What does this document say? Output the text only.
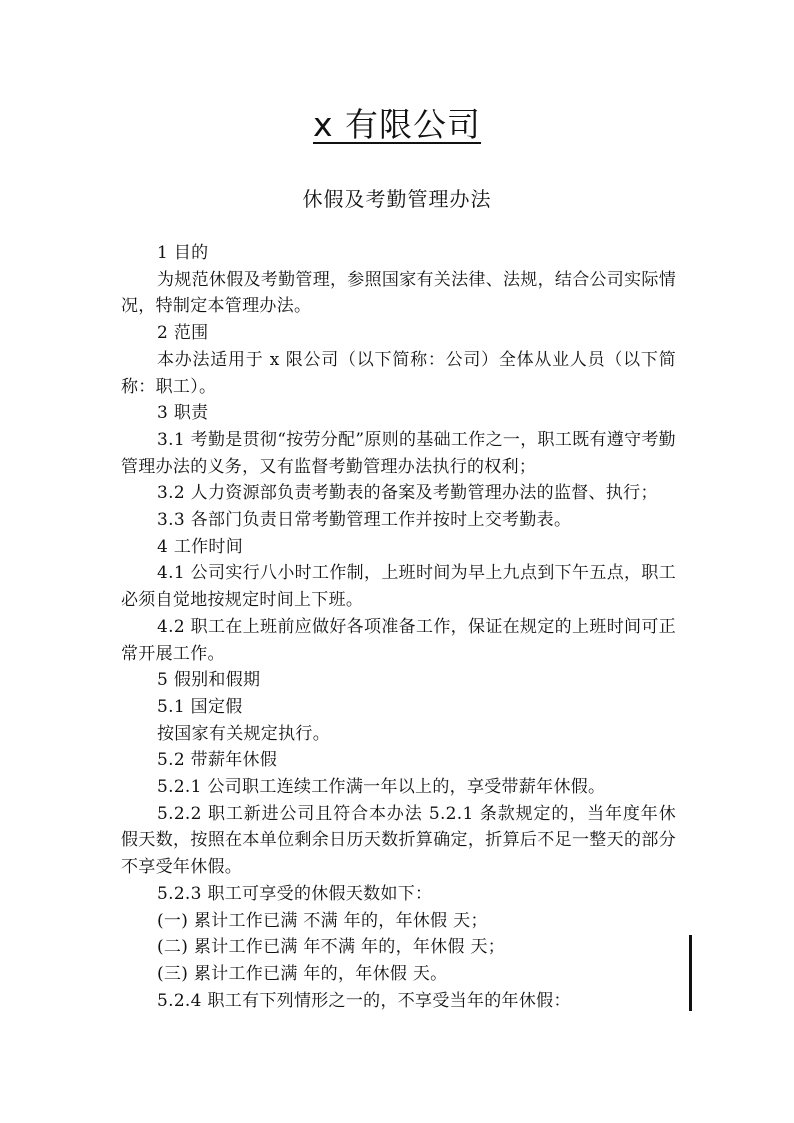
x 有限公司
休假及考勤管理办法

1 目的

为规范休假及考勤管理，参照国家有关法律、法规，结合公司实际情况，特制定本管理办法。

2 范围

本办法适用于 x 限公司（以下简称：公司）全体从业人员（以下简称：职工）。

3 职责

3.1 考勤是贯彻“按劳分配”原则的基础工作之一，职工既有遵守考勤管理办法的义务，又有监督考勤管理办法执行的权利；

3.2 人力资源部负责考勤表的备案及考勤管理办法的监督、执行；

3.3 各部门负责日常考勤管理工作并按时上交考勤表。

4 工作时间

4.1 公司实行八小时工作制，上班时间为早上九点到下午五点，职工必须自觉地按规定时间上下班。

4.2 职工在上班前应做好各项准备工作，保证在规定的上班时间可正常开展工作。

5 假别和假期

5.1 国定假

按国家有关规定执行。

5.2 带薪年休假

5.2.1 公司职工连续工作满一年以上的，享受带薪年休假。

5.2.2 职工新进公司且符合本办法 5.2.1 条款规定的，当年度年休假天数，按照在本单位剩余日历天数折算确定，折算后不足一整天的部分不享受年休假。

5.2.3 职工可享受的休假天数如下：

(一) 累计工作已满 不满 年的，年休假 天；

(二) 累计工作已满 年不满 年的，年休假 天；

(三) 累计工作已满 年的，年休假 天。

5.2.4 职工有下列情形之一的，不享受当年的年休假：
